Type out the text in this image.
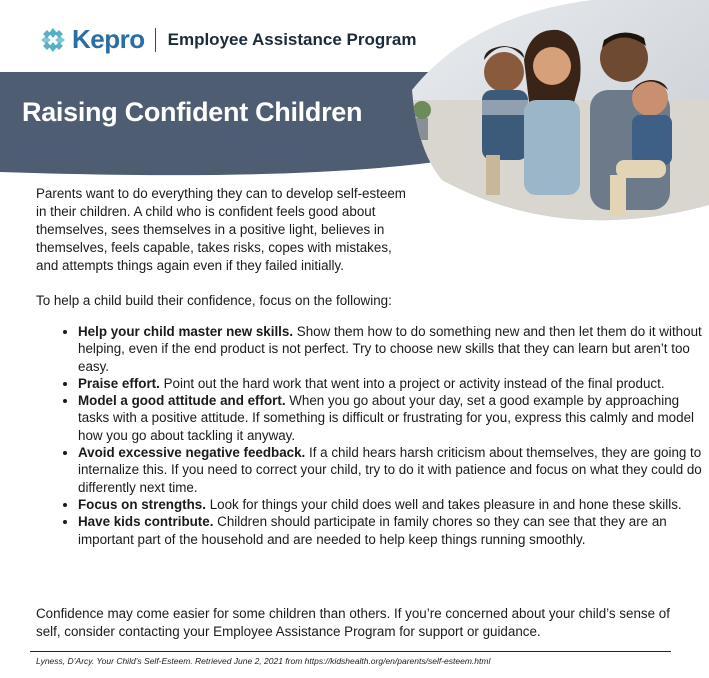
Kepro Employee Assistance Program
Raising Confident Children
Parents want to do everything they can to develop self-esteem in their children. A child who is confident feels good about themselves, sees themselves in a positive light, believes in themselves, feels capable, takes risks, copes with mistakes, and attempts things again even if they failed initially.
To help a child build their confidence, focus on the following:
• Help your child master new skills. Show them how to do something new and then let them do it without helping, even if the end product is not perfect. Try to choose new skills that they can learn but aren’t too easy.
• Praise effort. Point out the hard work that went into a project or activity instead of the final product.
• Model a good attitude and effort. When you go about your day, set a good example by approaching tasks with a positive attitude. If something is difficult or frustrating for you, express this calmly and model how you go about tackling it anyway.
• Avoid excessive negative feedback. If a child hears harsh criticism about themselves, they are going to internalize this. If you need to correct your child, try to do it with patience and focus on what they could do differently next time.
• Focus on strengths. Look for things your child does well and takes pleasure in and hone these skills.
• Have kids contribute. Children should participate in family chores so they can see that they are an important part of the household and are needed to help keep things running smoothly.
Confidence may come easier for some children than others. If you’re concerned about your child’s sense of self, consider contacting your Employee Assistance Program for support or guidance.
Lyness, D’Arcy. Your Child’s Self-Esteem. Retrieved June 2, 2021 from https://kidshealth.org/en/parents/self-esteem.html
